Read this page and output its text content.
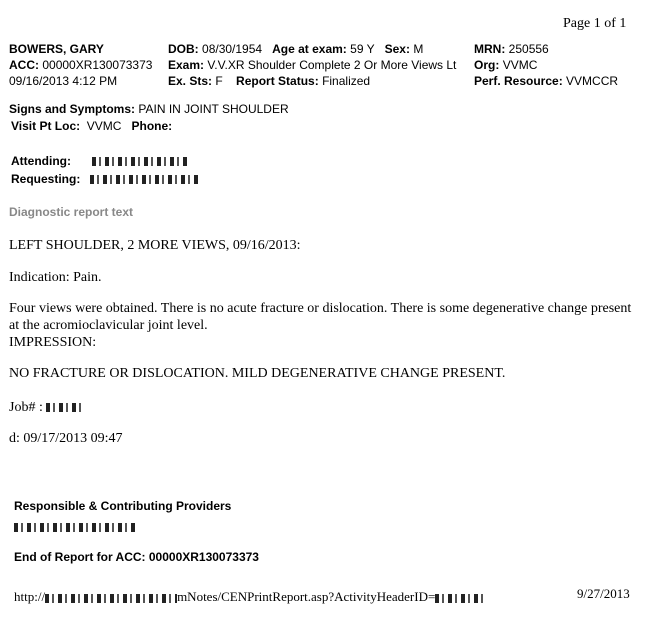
Page 1 of 1
BOWERS, GARY
ACC: 00000XR130073373
09/16/2013 4:12 PM
DOB: 08/30/1954 Age at exam: 59 Y Sex: M
Exam: V.V.XR Shoulder Complete 2 Or More Views Lt
Ex. Sts: F Report Status: Finalized
MRN: 250556
Org: VVMC
Perf. Resource: VVMCCR
Signs and Symptoms: PAIN IN JOINT SHOULDER
Visit Pt Loc: VVMC Phone:
Attending:
Requesting:
Diagnostic report text
LEFT SHOULDER, 2 MORE VIEWS, 09/16/2013:
Indication: Pain.
Four views were obtained. There is no acute fracture or dislocation. There is some degenerative change present at the acromioclavicular joint level.
IMPRESSION:
NO FRACTURE OR DISLOCATION. MILD DEGENERATIVE CHANGE PRESENT.
Job# :
d: 09/17/2013 09:47
Responsible & Contributing Providers
End of Report for ACC: 00000XR130073373
http://	mNotes/CENPrintReport.asp?ActivityHeaderID=	9/27/2013
